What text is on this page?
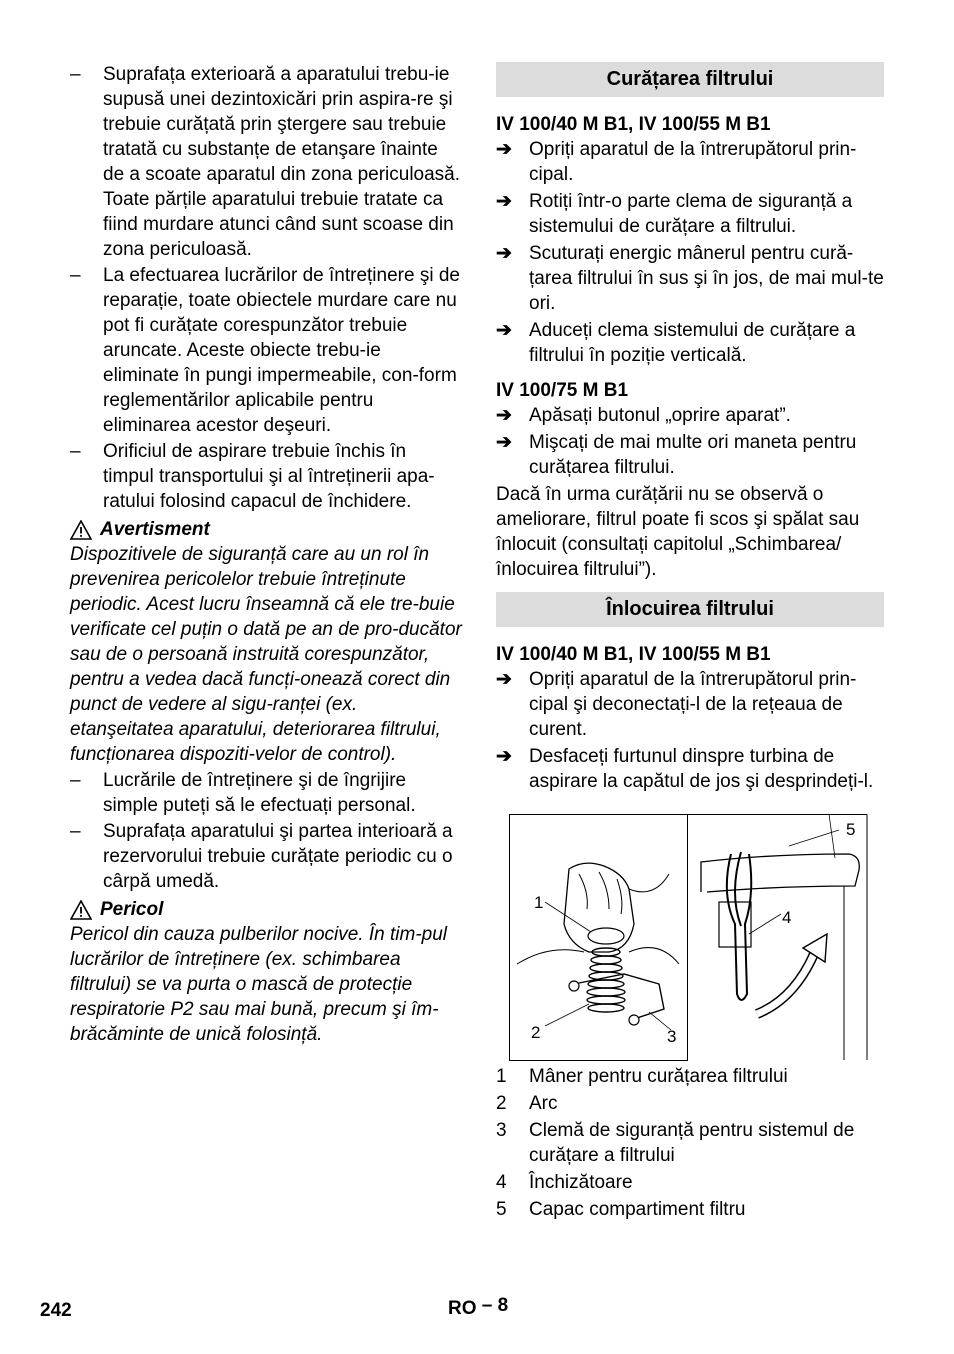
– Suprafața exterioară a aparatului trebu-ie supusă unei dezintoxicări prin aspira-re şi trebuie curățată prin ştergere sau trebuie tratată cu substanțe de etanşare înainte de a scoate aparatul din zona periculoasă. Toate părțile aparatului trebuie tratate ca fiind murdare atunci când sunt scoase din zona periculoasă.
– La efectuarea lucrărilor de întreținere şi de reparație, toate obiectele murdare care nu pot fi curățate corespunzător trebuie aruncate. Aceste obiecte trebu-ie eliminate în pungi impermeabile, con-form reglementărilor aplicabile pentru eliminarea acestor deşeuri.
– Orificiul de aspirare trebuie închis în timpul transportului şi al întreținerii apa-ratului folosind capacul de închidere.
Avertisment
Dispozitivele de siguranță care au un rol în prevenirea pericolelor trebuie întreținute periodic. Acest lucru înseamnă că ele tre-buie verificate cel puțin o dată pe an de pro-ducător sau de o persoană instruită corespunzător, pentru a vedea dacă funcți-onează corect din punct de vedere al sigu-ranței (ex. etanşeitatea aparatului, deteriorarea filtrului, funcționarea dispoziti-velor de control).
– Lucrările de întreținere şi de îngrijire simple puteți să le efectuați personal.
– Suprafața aparatului şi partea interioară a rezervorului trebuie curățate periodic cu o cârpă umedă.
Pericol
Pericol din cauza pulberilor nocive. În tim-pul lucrărilor de întreținere (ex. schimbarea filtrului) se va purta o mască de protecție respiratorie P2 sau mai bună, precum şi îm-brăcăminte de unică folosință.
Curățarea filtrului
IV 100/40 M B1, IV 100/55 M B1
➔ Opriți aparatul de la întrerupătorul prin-cipal.
➔ Rotiți într-o parte clema de siguranță a sistemului de curățare a filtrului.
➔ Scuturați energic mânerul pentru cură-țarea filtrului în sus şi în jos, de mai mul-te ori.
➔ Aduceți clema sistemului de curățare a filtrului în poziție verticală.
IV 100/75 M B1
➔ Apăsați butonul „oprire aparat”.
➔ Mişcați de mai multe ori maneta pentru curățarea filtrului.
Dacă în urma curățării nu se observă o ameliorare, filtrul poate fi scos şi spălat sau înlocuit (consultați capitolul „Schimbarea/ înlocuirea filtrului”).
Înlocuirea filtrului
IV 100/40 M B1, IV 100/55 M B1
➔ Opriți aparatul de la întrerupătorul prin-cipal şi deconectați-l de la rețeaua de curent.
➔ Desfaceți furtunul dinspre turbina de aspirare la capătul de jos şi desprindeți-l.
1
2	3
4
5
1 Mâner pentru curățarea filtrului
2 Arc
3 Clemă de siguranță pentru sistemul de curățare a filtrului
4 Închizătoare
5 Capac compartiment filtru
242	RO – 8
